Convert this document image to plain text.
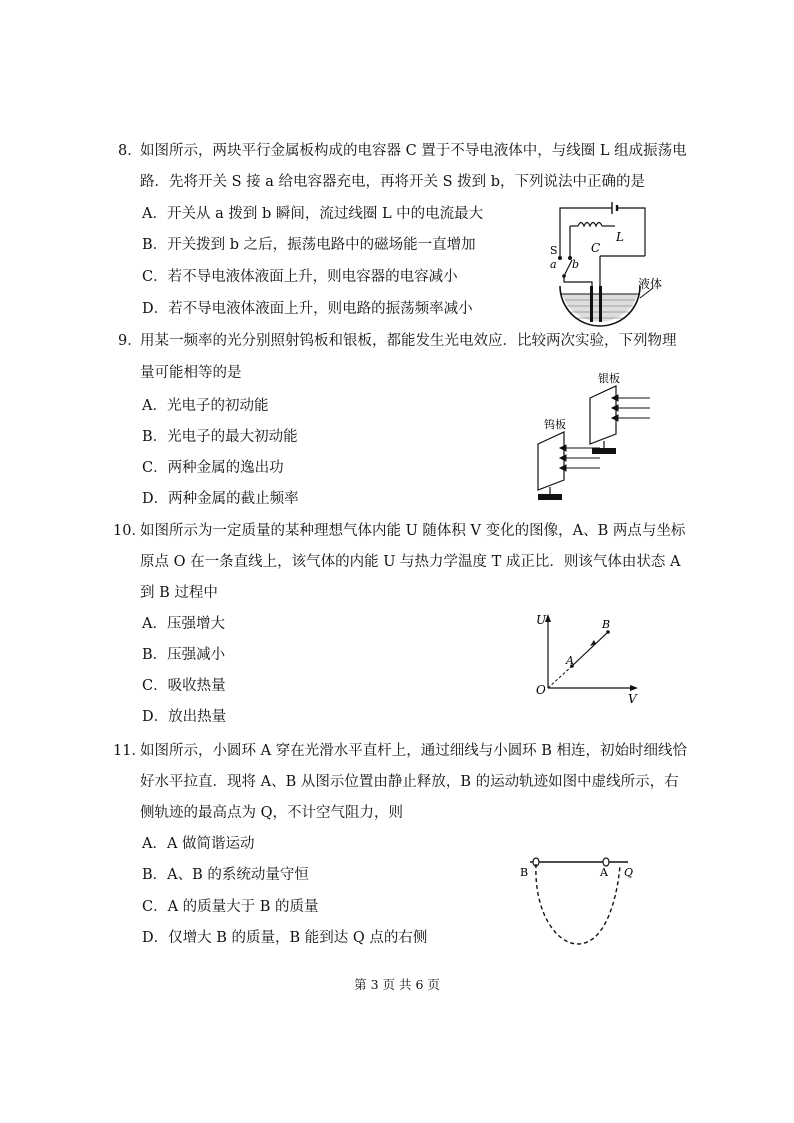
8．
如图所示，两块平行金属板构成的电容器 C 置于不导电液体中，与线圈 L 组成振荡电
路．先将开关 S 接 a 给电容器充电，再将开关 S 拨到 b，下列说法中正确的是
A．开关从 a 拨到 b 瞬间，流过线圈 L 中的电流最大
B．开关拨到 b 之后，振荡电路中的磁场能一直增加
C．若不导电液体液面上升，则电容器的电容减小
D．若不导电液体液面上升，则电路的振荡频率减小
L
a b
S	C
液体
9．
用某一频率的光分别照射钨板和银板，都能发生光电效应．比较两次实验，下列物理
量可能相等的是
A．光电子的初动能
B．光电子的最大初动能
C．两种金属的逸出功
D．两种金属的截止频率
银板
钨板
10．
如图所示为一定质量的某种理想气体内能 U 随体积 V 变化的图像，A、B 两点与坐标
原点 O 在一条直线上，该气体的内能 U 与热力学温度 T 成正比．则该气体由状态 A
到 B 过程中
A．压强增大
B．压强减小
C．吸收热量
D．放出热量
U
V
O
A
B
11．
如图所示，小圆环 A 穿在光滑水平直杆上，通过细线与小圆环 B 相连，初始时细线恰
好水平拉直．现将 A、B 从图示位置由静止释放，B 的运动轨迹如图中虚线所示，右
侧轨迹的最高点为 Q，不计空气阻力，则
A．A 做简谐运动
B．A、B 的系统动量守恒
C．A 的质量大于 B 的质量
D．仅增大 B 的质量，B 能到达 Q 点的右侧
B	A Q
第 3 页 共 6 页
